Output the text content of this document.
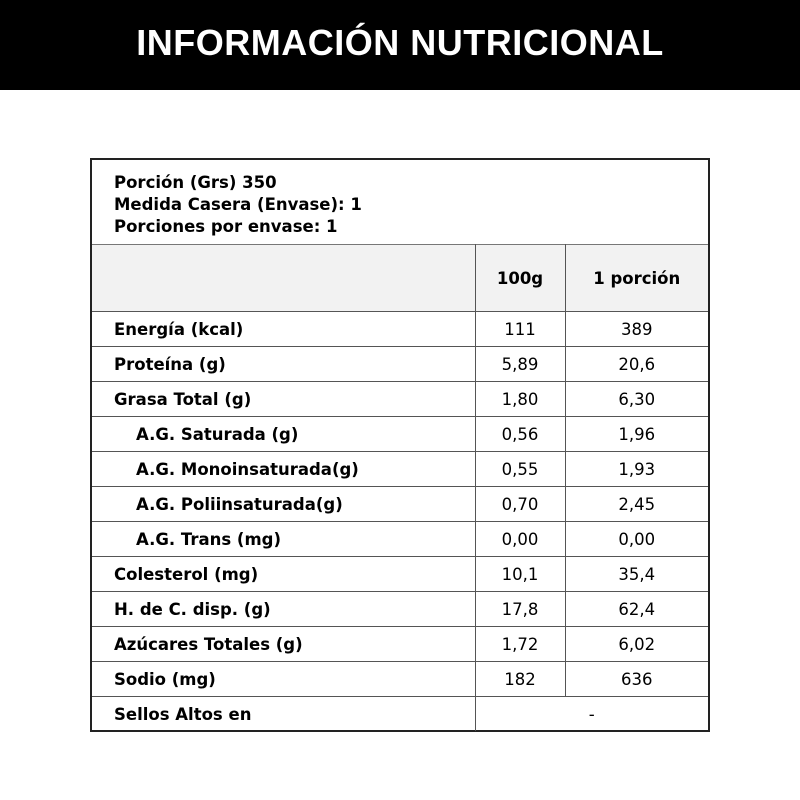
INFORMACIÓN NUTRICIONAL
Porción (Grs) 350
Medida Casera (Envase): 1
Porciones por envase: 1
	100g	1 porción
Energía (kcal)	111	389
Proteína (g)	5,89	20,6
Grasa Total (g)	1,80	6,30
A.G. Saturada (g)	0,56	1,96
A.G. Monoinsaturada(g)	0,55	1,93
A.G. Poliinsaturada(g)	0,70	2,45
A.G. Trans (mg)	0,00	0,00
Colesterol (mg)	10,1	35,4
H. de C. disp. (g)	17,8	62,4
Azúcares Totales (g)	1,72	6,02
Sodio (mg)	182	636
Sellos Altos en	-	
